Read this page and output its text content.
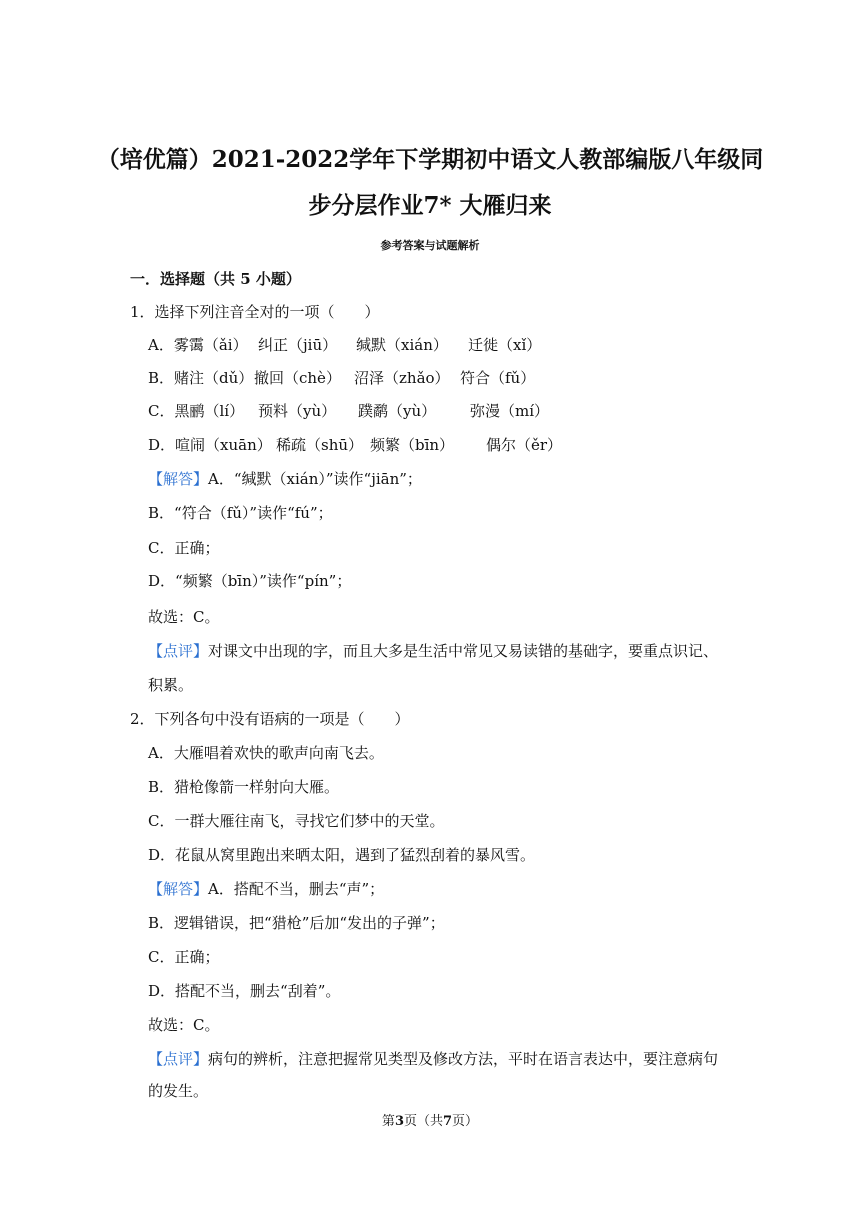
（培优篇）2021-2022学年下学期初中语文人教部编版八年级同
步分层作业7* 大雁归来
参考答案与试题解析
一．选择题（共 5 小题）
1．选择下列注音全对的一项（　　）
A．雾霭（ǎi） 纠正（jiū） 缄默（xián） 迁徙（xǐ）
B．赌注（dǔ）撤回（chè） 沼泽（zhǎo） 符合（fǔ）
C．黑鹂（lí） 预料（yù） 蹼鹬（yù） 弥漫（mí）
D．喧闹（xuān） 稀疏（shū） 频繁（bīn） 偶尔（ěr）
【解答】A．“缄默（xián）”读作“jiān”；
B．“符合（fǔ）”读作“fú”；
C．正确；
D．“频繁（bīn）”读作“pín”；
故选：C。
【点评】对课文中出现的字，而且大多是生活中常见又易读错的基础字，要重点识记、
积累。
2．下列各句中没有语病的一项是（　　）
A．大雁唱着欢快的歌声向南飞去。
B．猎枪像箭一样射向大雁。
C．一群大雁往南飞，寻找它们梦中的天堂。
D．花鼠从窝里跑出来晒太阳，遇到了猛烈刮着的暴风雪。
【解答】A．搭配不当，删去“声”；
B．逻辑错误，把“猎枪”后加“发出的子弹”；
C．正确；
D．搭配不当，删去“刮着”。
故选：C。
【点评】病句的辨析，注意把握常见类型及修改方法，平时在语言表达中，要注意病句
的发生。
第3页（共7页）
